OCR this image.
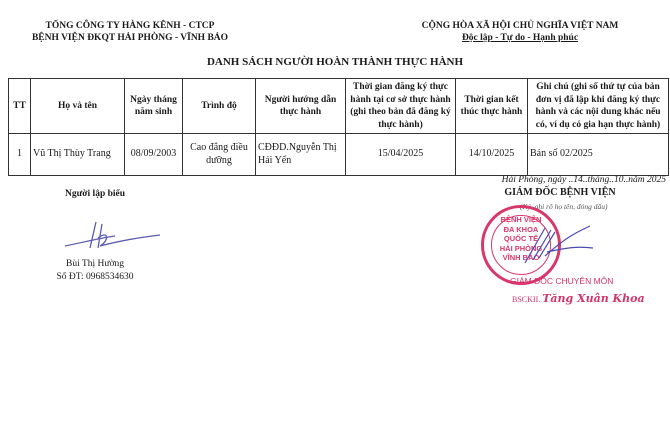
TỔNG CÔNG TY HÀNG KÊNH - CTCP
BỆNH VIỆN ĐKQT HẢI PHÒNG - VĨNH BẢO
CỘNG HÒA XÃ HỘI CHỦ NGHĨA VIỆT NAM
Độc lập - Tự do - Hạnh phúc
DANH SÁCH NGƯỜI HOÀN THÀNH THỰC HÀNH
TT	Họ và tên	Ngày tháng năm sinh	Trình độ	Người hướng dẫn thực hành	Thời gian đăng ký thực hành tại cơ sở thực hành (ghi theo bản đã đăng ký thực hành)	Thời gian kết thúc thực hành	Ghi chú (ghi số thứ tự của bản đơn vị đã lập khi đăng ký thực hành và các nội dung khác nếu có, ví dụ có gia hạn thực hành)
1	Vũ Thị Thùy Trang	08/09/2003	Cao đẳng điều dưỡng	CĐĐD.Nguyễn Thị Hải Yến	15/04/2025	14/10/2025	Bản số 02/2025
Người lập biểu
Bùi Thị Hường
Số ĐT: 0968534630
Hải Phòng, ngày ..14..tháng..10..năm 2025
GIÁM ĐỐC BỆNH VIỆN
(Ký, ghi rõ họ tên, đóng dấu)
BỆNH VIỆN
ĐA KHOA
QUỐC TẾ
HẢI PHÒNG
VĨNH BẢO
GIÁM ĐỐC CHUYÊN MÔN
BSCKII. Tăng Xuân Khoa
